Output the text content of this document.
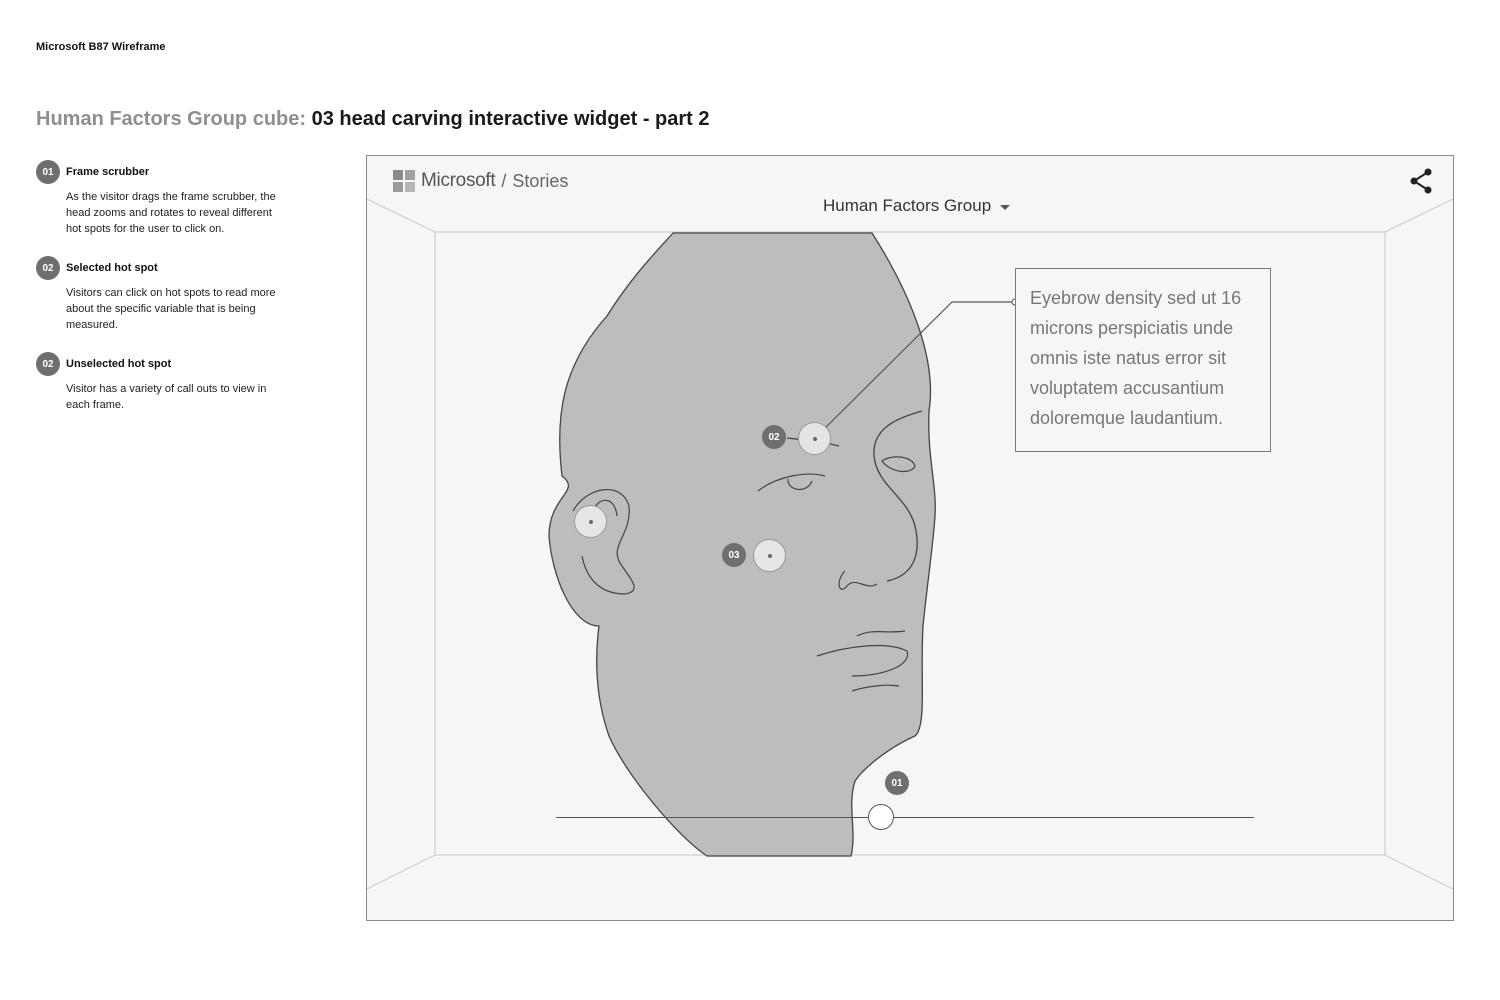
Microsoft B87 Wireframe
Human Factors Group cube: 03 head carving interactive widget - part 2
01	Frame scrubber
As the visitor drags the frame scrubber, the head zooms and rotates to reveal different hot spots for the user to click on.
02	Selected hot spot
Visitors can click on hot spots to read more about the specific variable that is being measured.
02	Unselected hot spot
Visitor has a variety of call outs to view in each frame.
Microsoft / Stories
Human Factors Group
Eyebrow density sed ut 16 microns perspiciatis unde omnis iste natus error sit voluptatem accusantium doloremque laudantium.
02
03
01
